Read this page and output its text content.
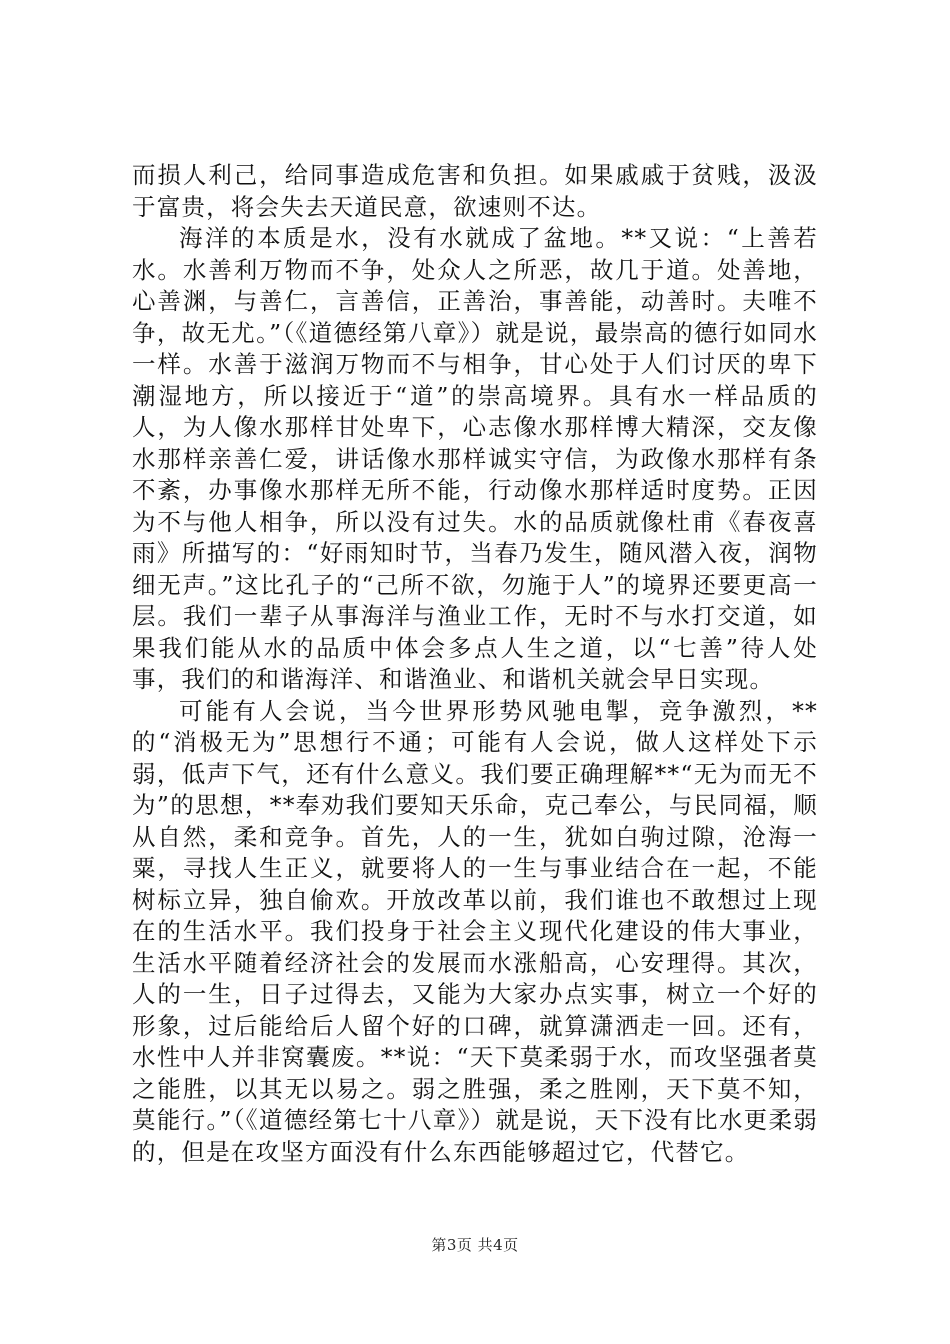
而损人利己，给同事造成危害和负担。如果戚戚于贫贱，汲汲于富贵，将会失去天道民意，欲速则不达。

海洋的本质是水，没有水就成了盆地。**又说：“上善若水。水善利万物而不争，处众人之所恶，故几于道。处善地，心善渊，与善仁，言善信，正善治，事善能，动善时。夫唯不争，故无尤。”（《道德经第八章》）就是说，最崇高的德行如同水一样。水善于滋润万物而不与相争，甘心处于人们讨厌的卑下潮湿地方，所以接近于“道”的崇高境界。具有水一样品质的人，为人像水那样甘处卑下，心志像水那样博大精深，交友像水那样亲善仁爱，讲话像水那样诚实守信，为政像水那样有条不紊，办事像水那样无所不能，行动像水那样适时度势。正因为不与他人相争，所以没有过失。水的品质就像杜甫《春夜喜雨》所描写的：“好雨知时节，当春乃发生，随风潜入夜，润物细无声。”这比孔子的“己所不欲，勿施于人”的境界还要更高一层。我们一辈子从事海洋与渔业工作，无时不与水打交道，如果我们能从水的品质中体会多点人生之道，以“七善”待人处事，我们的和谐海洋、和谐渔业、和谐机关就会早日实现。

可能有人会说，当今世界形势风驰电掣，竞争激烈，**的“消极无为”思想行不通；可能有人会说，做人这样处下示弱，低声下气，还有什么意义。我们要正确理解**“无为而无不为”的思想，**奉劝我们要知天乐命，克己奉公，与民同福，顺从自然，柔和竞争。首先，人的一生，犹如白驹过隙，沧海一粟，寻找人生正义，就要将人的一生与事业结合在一起，不能树标立异，独自偷欢。开放改革以前，我们谁也不敢想过上现在的生活水平。我们投身于社会主义现代化建设的伟大事业，生活水平随着经济社会的发展而水涨船高，心安理得。其次，人的一生，日子过得去，又能为大家办点实事，树立一个好的形象，过后能给后人留个好的口碑，就算潇洒走一回。还有，水性中人并非窝囊废。**说：“天下莫柔弱于水，而攻坚强者莫之能胜，以其无以易之。弱之胜强，柔之胜刚，天下莫不知，莫能行。”（《道德经第七十八章》）就是说，天下没有比水更柔弱的，但是在攻坚方面没有什么东西能够超过它，代替它。

第3页 共4页
